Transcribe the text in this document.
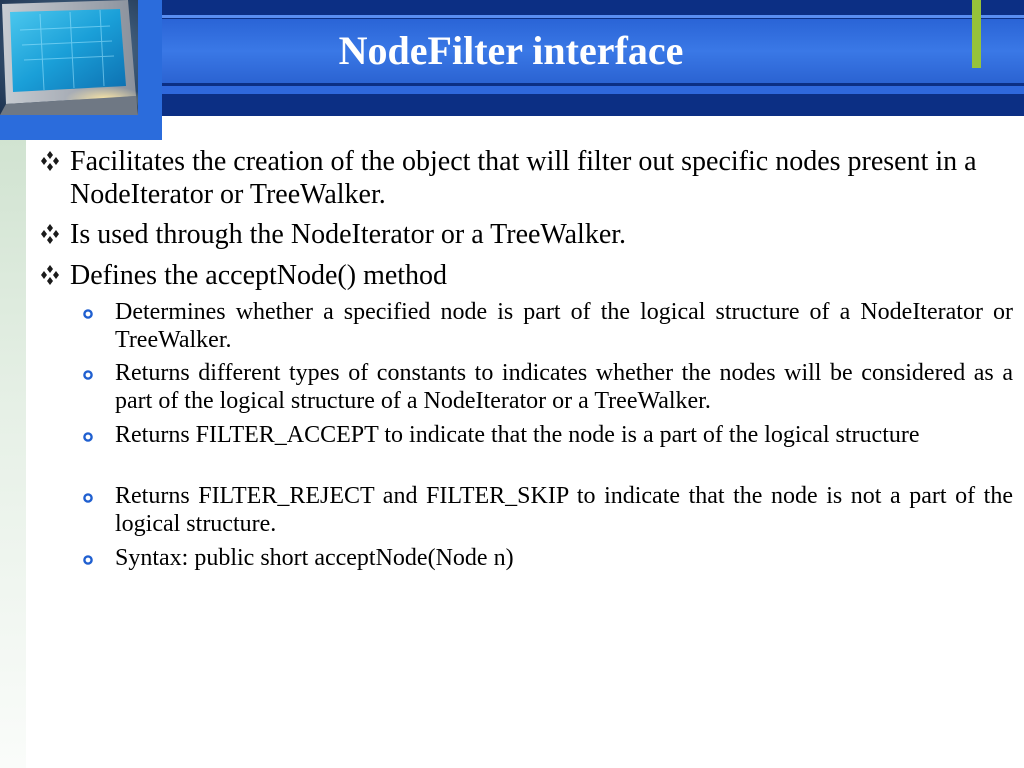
NodeFilter interface
Facilitates the creation of the object that will filter out specific nodes present in a NodeIterator or TreeWalker.
Is used through the NodeIterator or a TreeWalker.
Defines the acceptNode() method
Determines whether a specified node is part of the logical structure of a NodeIterator or TreeWalker.
Returns different types of constants to indicates whether the nodes will be considered as a part of the logical structure of a NodeIterator or a TreeWalker.
Returns FILTER_ACCEPT to indicate that the node is a part of the logical structure
Returns FILTER_REJECT and FILTER_SKIP to indicate that the node is not a part of the logical structure.
Syntax: public short acceptNode(Node n)
